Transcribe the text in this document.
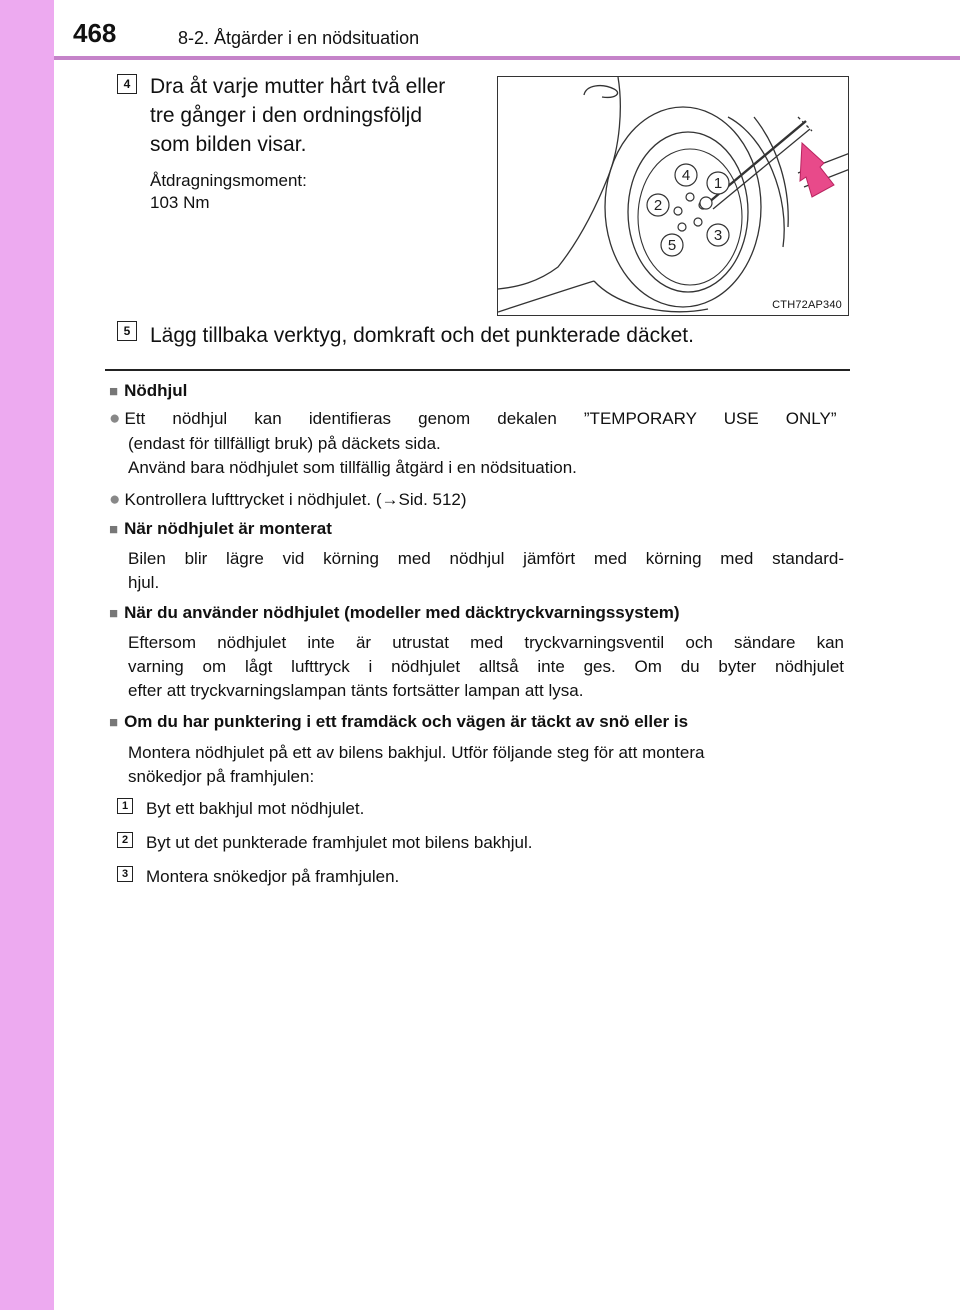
468	8-2. Åtgärder i en nödsituation
4 Dra åt varje mutter hårt två eller
tre gånger i den ordningsföljd
som bilden visar.
Åtdragningsmoment:
103 Nm
4 1
2
3
5
CTH72AP340
5 Lägg tillbaka verktyg, domkraft och det punkterade däcket.
■ Nödhjul
● Ett nödhjul kan identifieras genom dekalen ”TEMPORARY USE ONLY”
(endast för tillfälligt bruk) på däckets sida.
Använd bara nödhjulet som tillfällig åtgärd i en nödsituation.
● Kontrollera lufttrycket i nödhjulet. (→Sid. 512)
■ När nödhjulet är monterat
Bilen blir lägre vid körning med nödhjul jämfört med körning med standard-
hjul.
■ När du använder nödhjulet (modeller med däcktryckvarningssystem)
Eftersom nödhjulet inte är utrustat med tryckvarningsventil och sändare kan
varning om lågt lufttryck i nödhjulet alltså inte ges. Om du byter nödhjulet
efter att tryckvarningslampan tänts fortsätter lampan att lysa.
■ Om du har punktering i ett framdäck och vägen är täckt av snö eller is
Montera nödhjulet på ett av bilens bakhjul. Utför följande steg för att montera
snökedjor på framhjulen:
1 Byt ett bakhjul mot nödhjulet.
2 Byt ut det punkterade framhjulet mot bilens bakhjul.
3 Montera snökedjor på framhjulen.
